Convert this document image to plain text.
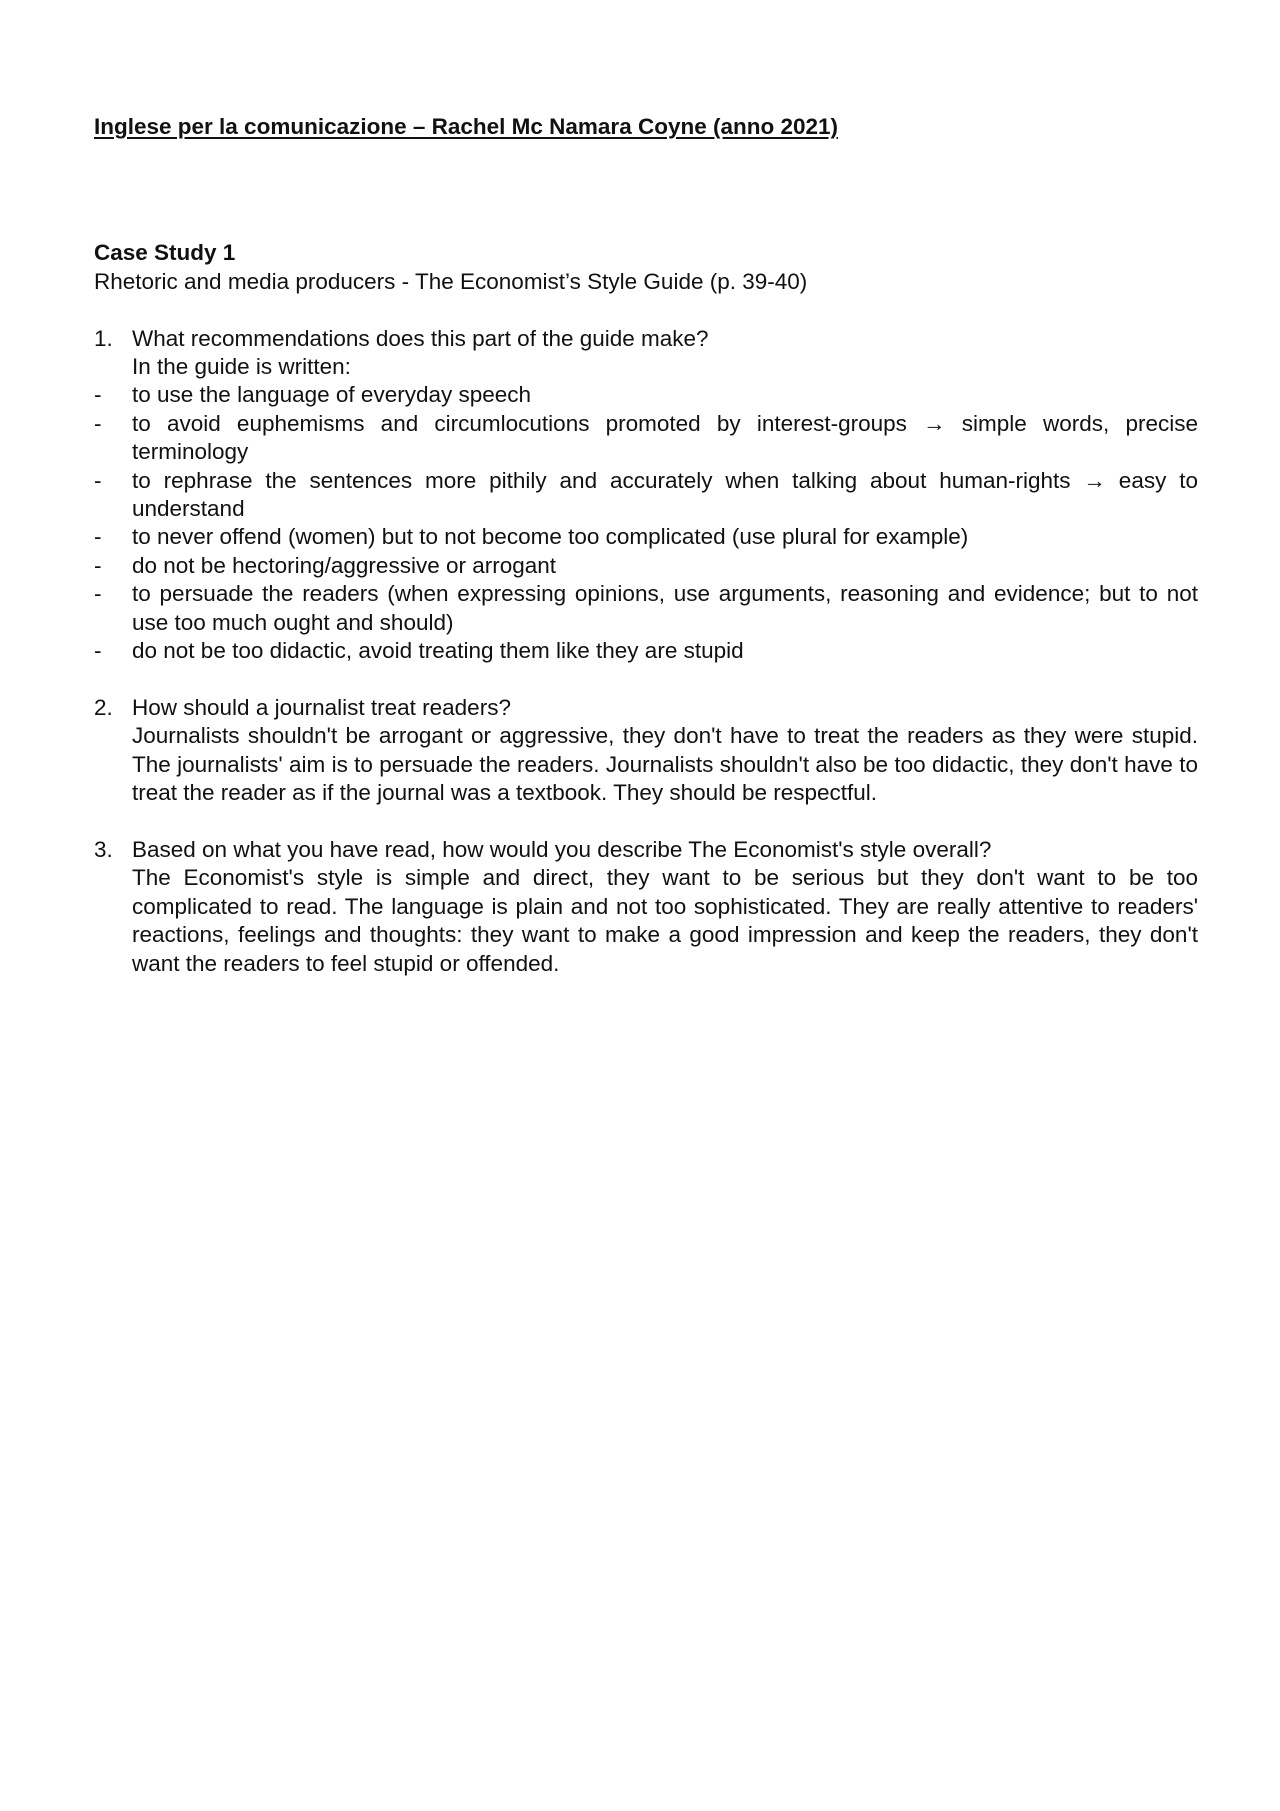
Inglese per la comunicazione – Rachel Mc Namara Coyne (anno 2021)
Case Study 1

Rhetoric and media producers - The Economist’s Style Guide (p. 39-40)

1. What recommendations does this part of the guide make?
In the guide is written:
-	to use the language of everyday speech
-	to avoid euphemisms and circumlocutions promoted by interest-groups → simple words, precise terminology
-	to rephrase the sentences more pithily and accurately when talking about human-rights → easy to understand
-	to never offend (women) but to not become too complicated (use plural for example)
-	do not be hectoring/aggressive or arrogant
-	to persuade the readers (when expressing opinions, use arguments, reasoning and evidence; but to not use too much ought and should)
-	do not be too didactic, avoid treating them like they are stupid
2. How should a journalist treat readers?
Journalists shouldn't be arrogant or aggressive, they don't have to treat the readers as they were stupid. The journalists' aim is to persuade the readers. Journalists shouldn't also be too didactic, they don't have to treat the reader as if the journal was a textbook. They should be respectful.
3. Based on what you have read, how would you describe The Economist's style overall?
The Economist's style is simple and direct, they want to be serious but they don't want to be too complicated to read. The language is plain and not too sophisticated. They are really attentive to readers' reactions, feelings and thoughts: they want to make a good impression and keep the readers, they don't want the readers to feel stupid or offended.
